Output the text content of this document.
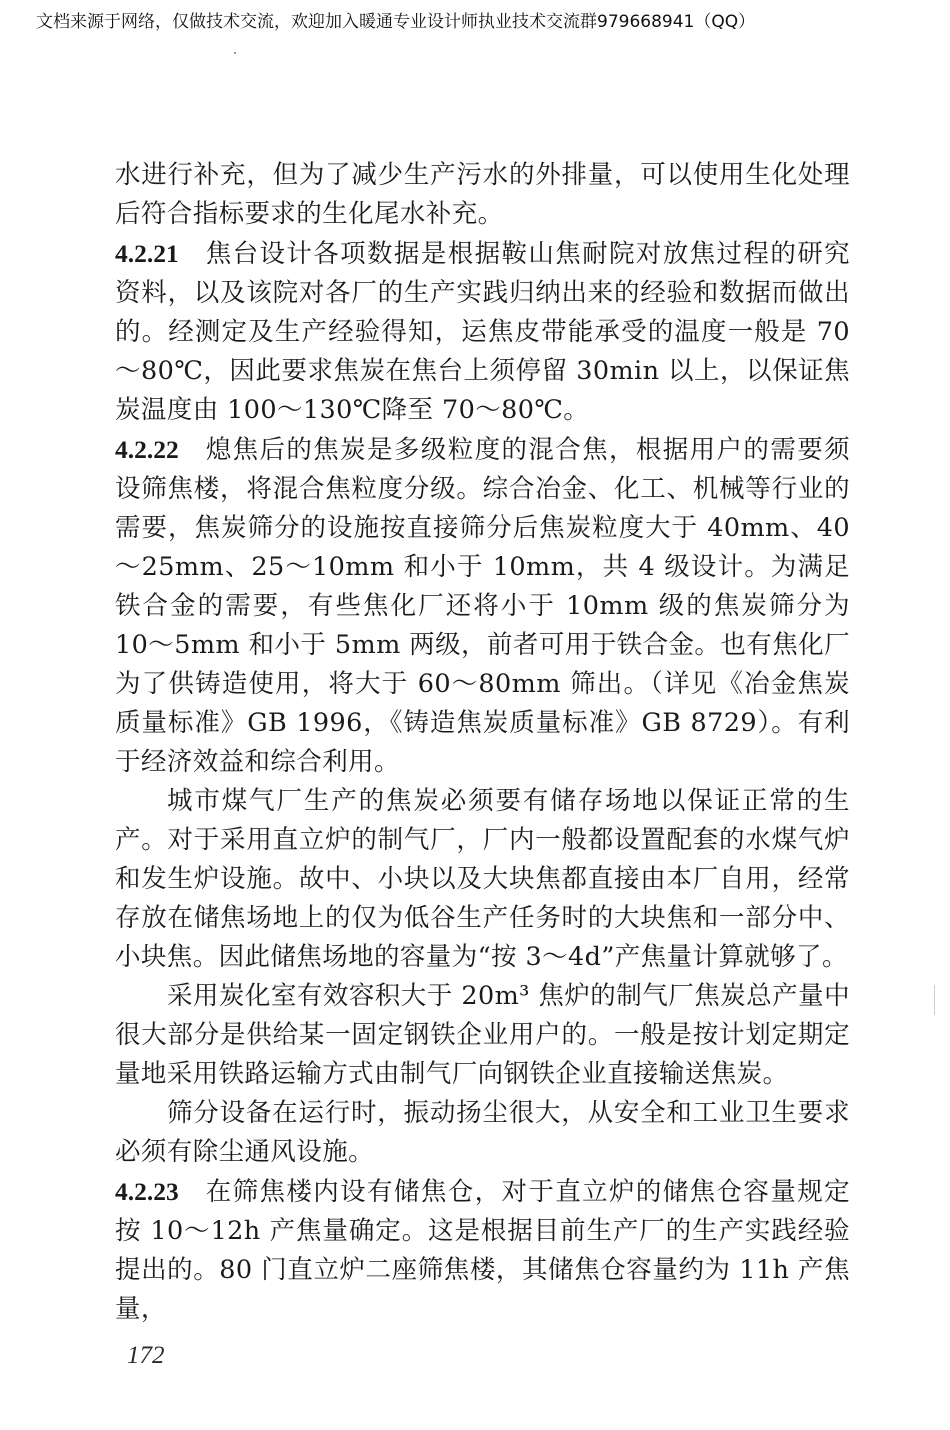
文档来源于网络，仅做技术交流，欢迎加入暖通专业设计师执业技术交流群979668941（QQ）

水进行补充，但为了减少生产污水的外排量，可以使用生化处理后符合指标要求的生化尾水补充。

4.2.21 焦台设计各项数据是根据鞍山焦耐院对放焦过程的研究资料，以及该院对各厂的生产实践归纳出来的经验和数据而做出的。经测定及生产经验得知，运焦皮带能承受的温度一般是 70～80℃，因此要求焦炭在焦台上须停留 30min 以上，以保证焦炭温度由 100～130℃降至 70～80℃。

4.2.22 熄焦后的焦炭是多级粒度的混合焦，根据用户的需要须设筛焦楼，将混合焦粒度分级。综合冶金、化工、机械等行业的需要，焦炭筛分的设施按直接筛分后焦炭粒度大于 40mm、40～25mm、25～10mm 和小于 10mm，共 4 级设计。为满足铁合金的需要，有些焦化厂还将小于 10mm 级的焦炭筛分为 10～5mm 和小于 5mm 两级，前者可用于铁合金。也有焦化厂为了供铸造使用，将大于 60～80mm 筛出。（详见《冶金焦炭质量标准》GB 1996，《铸造焦炭质量标准》GB 8729）。有利于经济效益和综合利用。

城市煤气厂生产的焦炭必须要有储存场地以保证正常的生产。对于采用直立炉的制气厂，厂内一般都设置配套的水煤气炉和发生炉设施。故中、小块以及大块焦都直接由本厂自用，经常存放在储焦场地上的仅为低谷生产任务时的大块焦和一部分中、小块焦。因此储焦场地的容量为“按 3～4d”产焦量计算就够了。

采用炭化室有效容积大于 20m³ 焦炉的制气厂焦炭总产量中很大部分是供给某一固定钢铁企业用户的。一般是按计划定期定量地采用铁路运输方式由制气厂向钢铁企业直接输送焦炭。

筛分设备在运行时，振动扬尘很大，从安全和工业卫生要求必须有除尘通风设施。

4.2.23 在筛焦楼内设有储焦仓，对于直立炉的储焦仓容量规定按 10～12h 产焦量确定。这是根据目前生产厂的生产实践经验提出的。80 门直立炉二座筛焦楼，其储焦仓容量约为 11h 产焦量，

172
